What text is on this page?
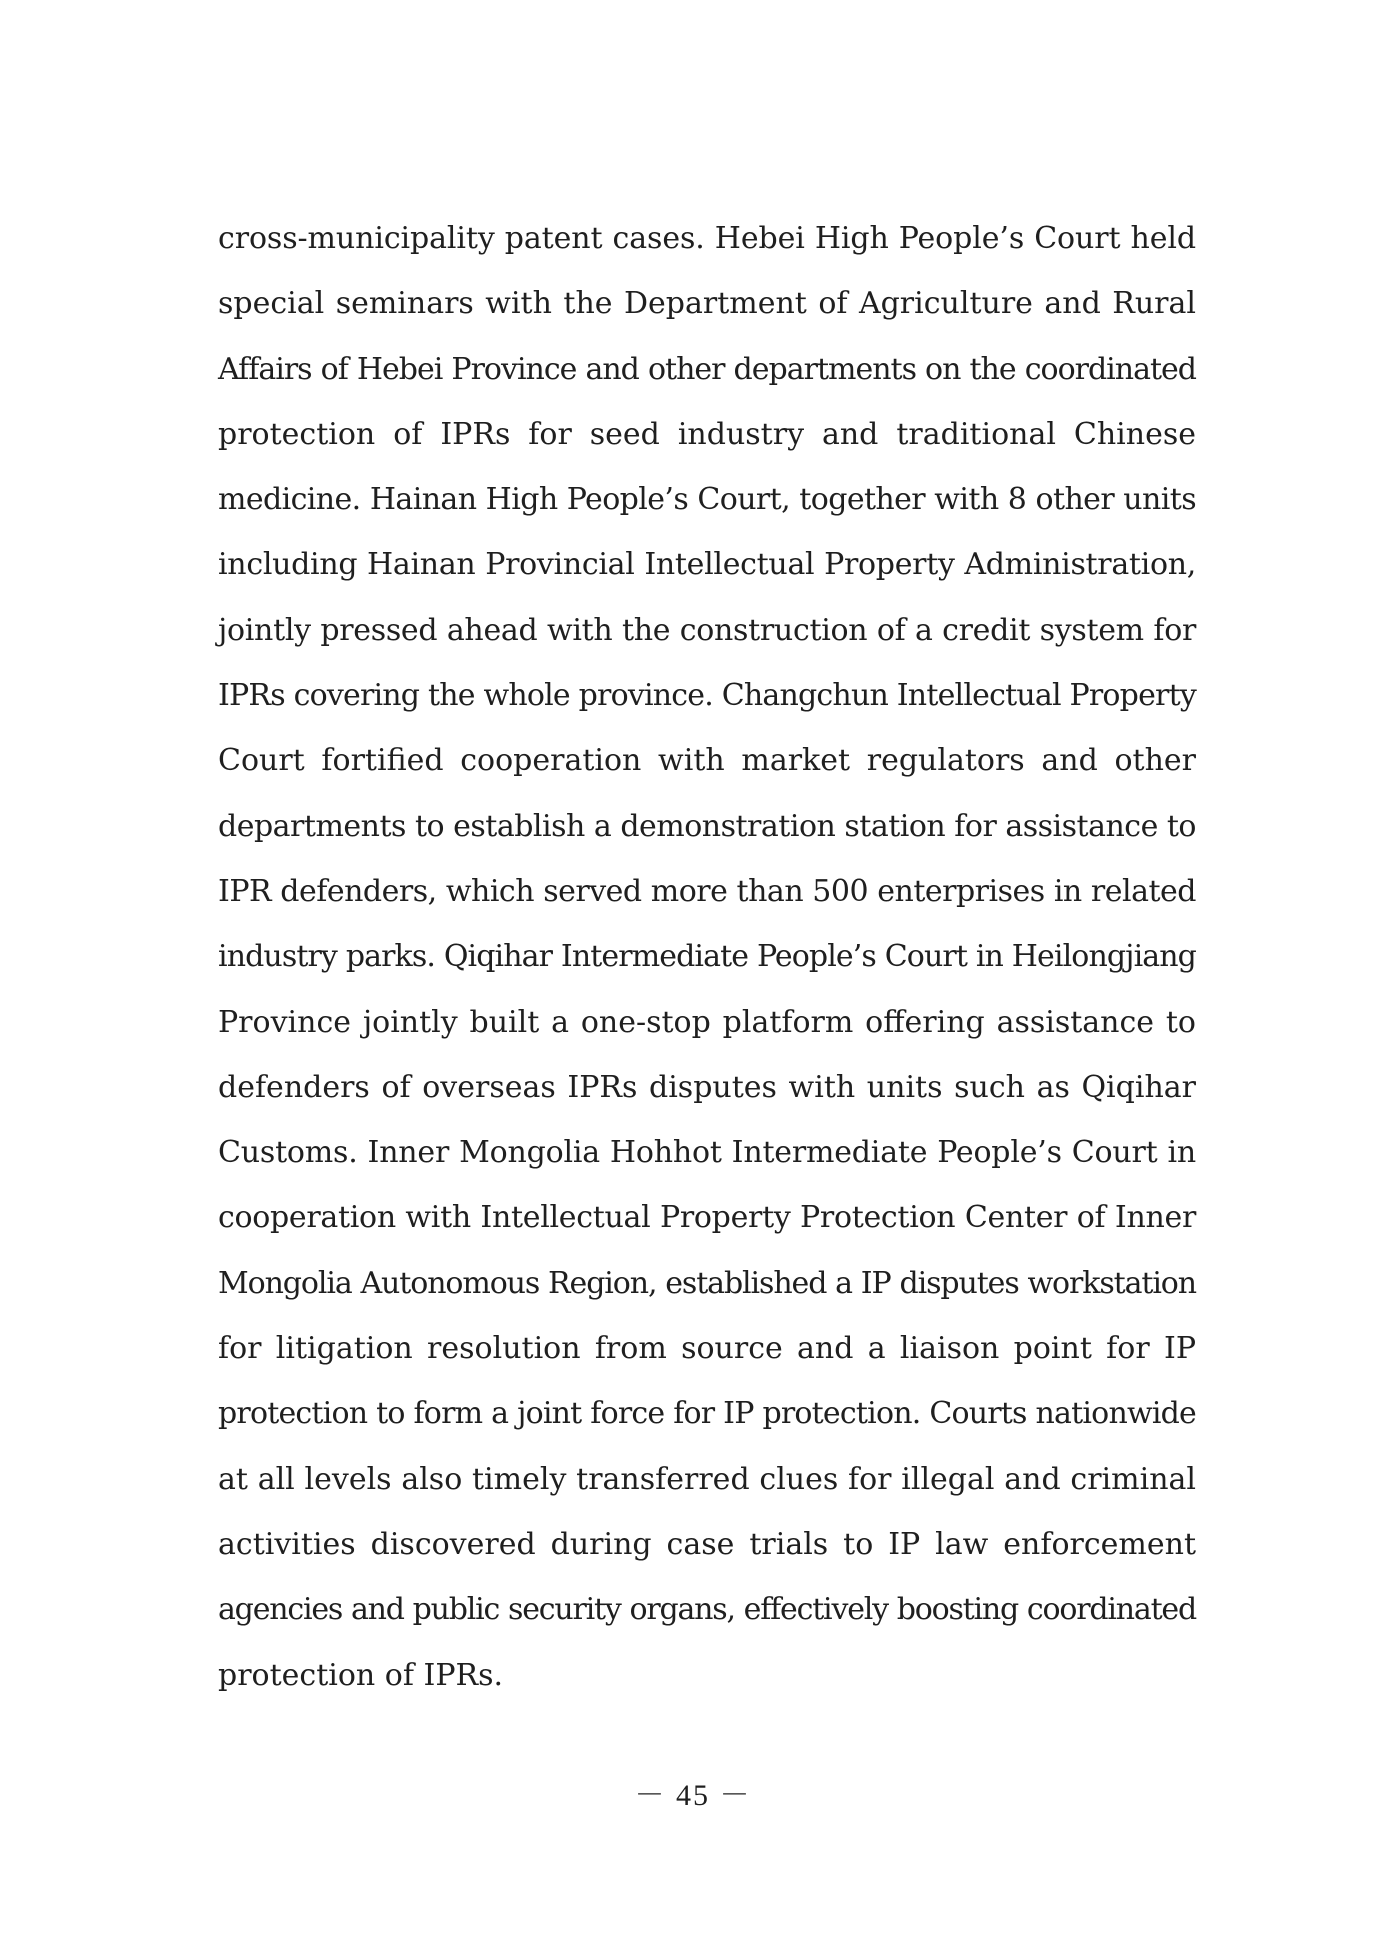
cross-municipality patent cases. Hebei High People’s Court held
special seminars with the Department of Agriculture and Rural
Affairs of Hebei Province and other departments on the coordinated
protection of IPRs for seed industry and traditional Chinese
medicine. Hainan High People’s Court, together with 8 other units
including Hainan Provincial Intellectual Property Administration,
jointly pressed ahead with the construction of a credit system for
IPRs covering the whole province. Changchun Intellectual Property
Court fortified cooperation with market regulators and other
departments to establish a demonstration station for assistance to
IPR defenders, which served more than 500 enterprises in related
industry parks. Qiqihar Intermediate People’s Court in Heilongjiang
Province jointly built a one-stop platform offering assistance to
defenders of overseas IPRs disputes with units such as Qiqihar
Customs. Inner Mongolia Hohhot Intermediate People’s Court in
cooperation with Intellectual Property Protection Center of Inner
Mongolia Autonomous Region, established a IP disputes workstation
for litigation resolution from source and a liaison point for IP
protection to form a joint force for IP protection. Courts nationwide
at all levels also timely transferred clues for illegal and criminal
activities discovered during case trials to IP law enforcement
agencies and public security organs, effectively boosting coordinated
protection of IPRs.

－ 45 －
